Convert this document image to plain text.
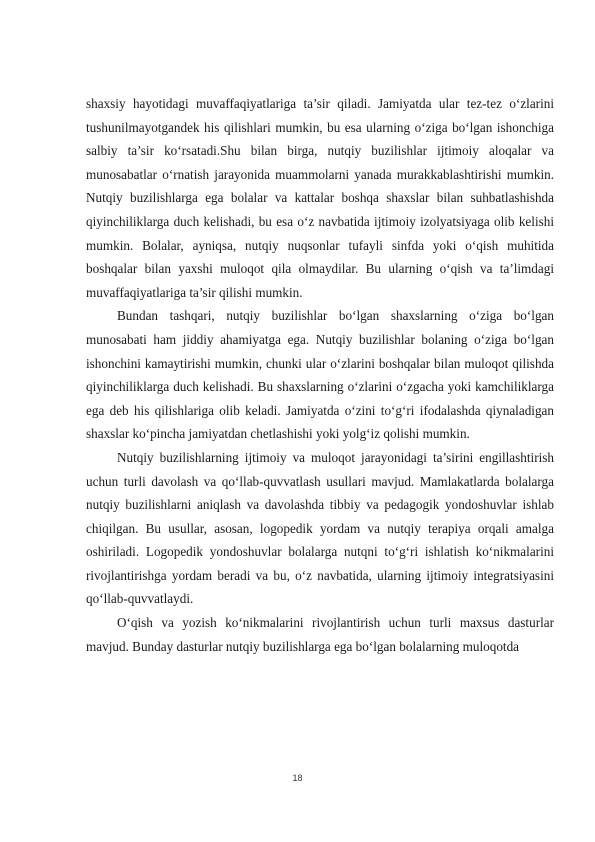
shaxsiy hayotidagi muvaffaqiyatlariga ta’sir qiladi. Jamiyatda ular tez-tez o‘zlarini tushunilmayotgandek his qilishlari mumkin, bu esa ularning o‘ziga bo‘lgan ishonchiga salbiy ta’sir ko‘rsatadi.Shu bilan birga, nutqiy buzilishlar ijtimoiy aloqalar va munosabatlar o‘rnatish jarayonida muammolarni yanada murakkablashtirishi mumkin. Nutqiy buzilishlarga ega bolalar va kattalar boshqa shaxslar bilan suhbatlashishda qiyinchiliklarga duch kelishadi, bu esa o‘z navbatida ijtimoiy izolyatsiyaga olib kelishi mumkin. Bolalar, ayniqsa, nutqiy nuqsonlar tufayli sinfda yoki o‘qish muhitida boshqalar bilan yaxshi muloqot qila olmaydilar. Bu ularning o‘qish va ta’limdagi muvaffaqiyatlariga ta’sir qilishi mumkin.

Bundan tashqari, nutqiy buzilishlar bo‘lgan shaxslarning o‘ziga bo‘lgan munosabati ham jiddiy ahamiyatga ega. Nutqiy buzilishlar bolaning o‘ziga bo‘lgan ishonchini kamaytirishi mumkin, chunki ular o‘zlarini boshqalar bilan muloqot qilishda qiyinchiliklarga duch kelishadi. Bu shaxslarning o‘zlarini o‘zgacha yoki kamchiliklarga ega deb his qilishlariga olib keladi. Jamiyatda o‘zini to‘g‘ri ifodalashda qiynaladigan shaxslar ko‘pincha jamiyatdan chetlashishi yoki yolg‘iz qolishi mumkin.

Nutqiy buzilishlarning ijtimoiy va muloqot jarayonidagi ta’sirini engillashtirish uchun turli davolash va qo‘llab-quvvatlash usullari mavjud. Mamlakatlarda bolalarga nutqiy buzilishlarni aniqlash va davolashda tibbiy va pedagogik yondoshuvlar ishlab chiqilgan. Bu usullar, asosan, logopedik yordam va nutqiy terapiya orqali amalga oshiriladi. Logopedik yondoshuvlar bolalarga nutqni to‘g‘ri ishlatish ko‘nikmalarini rivojlantirishga yordam beradi va bu, o‘z navbatida, ularning ijtimoiy integratsiyasini qo‘llab-quvvatlaydi.

O‘qish va yozish ko‘nikmalarini rivojlantirish uchun turli maxsus dasturlar mavjud. Bunday dasturlar nutqiy buzilishlarga ega bo‘lgan bolalarning muloqotda

18
